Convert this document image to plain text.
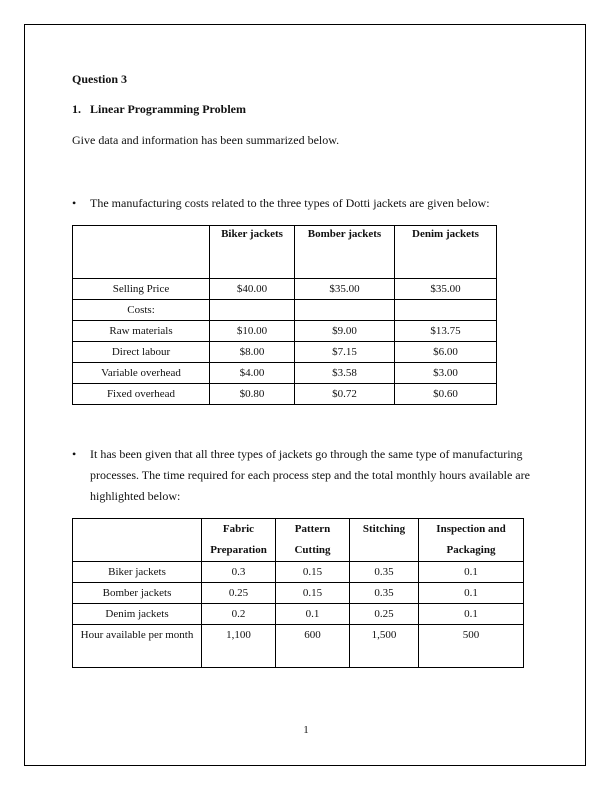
Question 3
1. Linear Programming Problem
Give data and information has been summarized below.
• The manufacturing costs related to the three types of Dotti jackets are given below:
	Biker jackets	Bomber jackets	Denim jackets
Selling Price	$40.00	$35.00	$35.00
Costs:			
Raw materials	$10.00	$9.00	$13.75
Direct labour	$8.00	$7.15	$6.00
Variable overhead	$4.00	$3.58	$3.00
Fixed overhead	$0.80	$0.72	$0.60
• It has been given that all three types of jackets go through the same type of manufacturing processes. The time required for each process step and the total monthly hours available are highlighted below:
	Fabric Preparation	Pattern Cutting	Stitching	Inspection and Packaging
Biker jackets	0.3	0.15	0.35	0.1
Bomber jackets	0.25	0.15	0.35	0.1
Denim jackets	0.2	0.1	0.25	0.1
Hour available per month	1,100	600	1,500	500
1
